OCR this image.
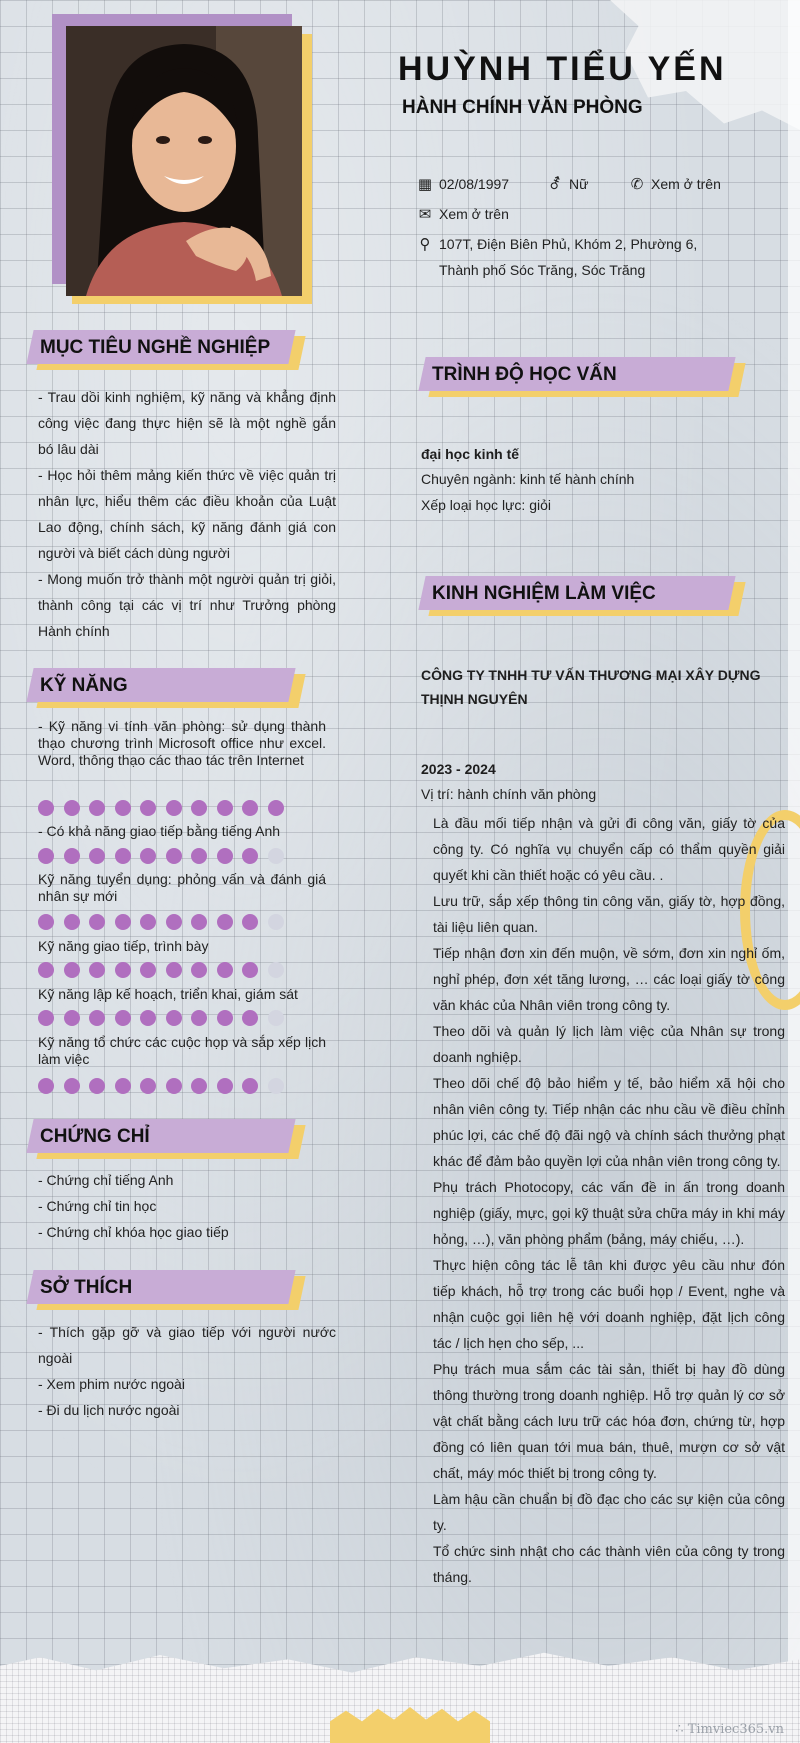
HUỲNH TIỂU YẾN
HÀNH CHÍNH VĂN PHÒNG
▦ 02/08/1997	⚦ Nữ	✆ Xem ở trên
✉ Xem ở trên
⚲ 107T, Điện Biên Phủ, Khóm 2, Phường 6,
Thành phố Sóc Trăng, Sóc Trăng
MỤC TIÊU NGHỀ NGHIỆP

- Trau dồi kinh nghiệm, kỹ năng và khẳng định công việc đang thực hiện sẽ là một nghề gắn bó lâu dài

- Học hỏi thêm mảng kiến thức về việc quản trị nhân lực, hiểu thêm các điều khoản của Luật Lao động, chính sách, kỹ năng đánh giá con người và biết cách dùng người

- Mong muốn trở thành một người quản trị giỏi, thành công tại các vị trí như Trưởng phòng Hành chính

KỸ NĂNG
- Kỹ năng vi tính văn phòng: sử dụng thành thạo chương trình Microsoft office như excel. Word, thông thạo các thao tác trên Internet
- Có khả năng giao tiếp bằng tiếng Anh
Kỹ năng tuyển dụng: phỏng vấn và đánh giá nhân sự mới
Kỹ năng giao tiếp, trình bày
Kỹ năng lập kế hoạch, triển khai, giám sát
Kỹ năng tổ chức các cuộc họp và sắp xếp lịch làm việc
CHỨNG CHỈ

- Chứng chỉ tiếng Anh

- Chứng chỉ tin học

- Chứng chỉ khóa học giao tiếp

SỞ THÍCH

- Thích gặp gỡ và giao tiếp với người nước ngoài

- Xem phim nước ngoài

- Đi du lịch nước ngoài

TRÌNH ĐỘ HỌC VẤN
đại học kinh tế
Chuyên ngành: kinh tế hành chính
Xếp loại học lực: giỏi
KINH NGHIỆM LÀM VIỆC
CÔNG TY TNHH TƯ VẤN THƯƠNG MẠI XÂY DỰNG THỊNH NGUYÊN
2023 - 2024
Vị trí: hành chính văn phòng

Là đầu mối tiếp nhận và gửi đi công văn, giấy tờ của công ty. Có nghĩa vụ chuyển cấp có thẩm quyền giải quyết khi cần thiết hoặc có yêu cầu. .

Lưu trữ, sắp xếp thông tin công văn, giấy tờ, hợp đồng, tài liệu liên quan.

Tiếp nhận đơn xin đến muộn, về sớm, đơn xin nghỉ ốm, nghỉ phép, đơn xét tăng lương, … các loại giấy tờ công văn khác của Nhân viên trong công ty.

Theo dõi và quản lý lịch làm việc của Nhân sự trong doanh nghiệp.

Theo dõi chế độ bảo hiểm y tế, bảo hiểm xã hội cho nhân viên công ty. Tiếp nhận các nhu cầu về điều chỉnh phúc lợi, các chế độ đãi ngộ và chính sách thưởng phạt khác để đảm bảo quyền lợi của nhân viên trong công ty.

Phụ trách Photocopy, các vấn đề in ấn trong doanh nghiệp (giấy, mực, gọi kỹ thuật sửa chữa máy in khi máy hỏng, …), văn phòng phẩm (bảng, máy chiếu, …).

Thực hiện công tác lễ tân khi được yêu cầu như đón tiếp khách, hỗ trợ trong các buổi họp / Event, nghe và nhận cuộc gọi liên hệ với doanh nghiệp, đặt lịch công tác / lịch hẹn cho sếp, ...

Phụ trách mua sắm các tài sản, thiết bị hay đồ dùng thông thường trong doanh nghiệp. Hỗ trợ quản lý cơ sở vật chất bằng cách lưu trữ các hóa đơn, chứng từ, hợp đồng có liên quan tới mua bán, thuê, mượn cơ sở vật chất, máy móc thiết bị trong công ty.

Làm hậu cần chuẩn bị đồ đạc cho các sự kiện của công ty.

Tổ chức sinh nhật cho các thành viên của công ty trong tháng.

∴ Timviec365.vn
